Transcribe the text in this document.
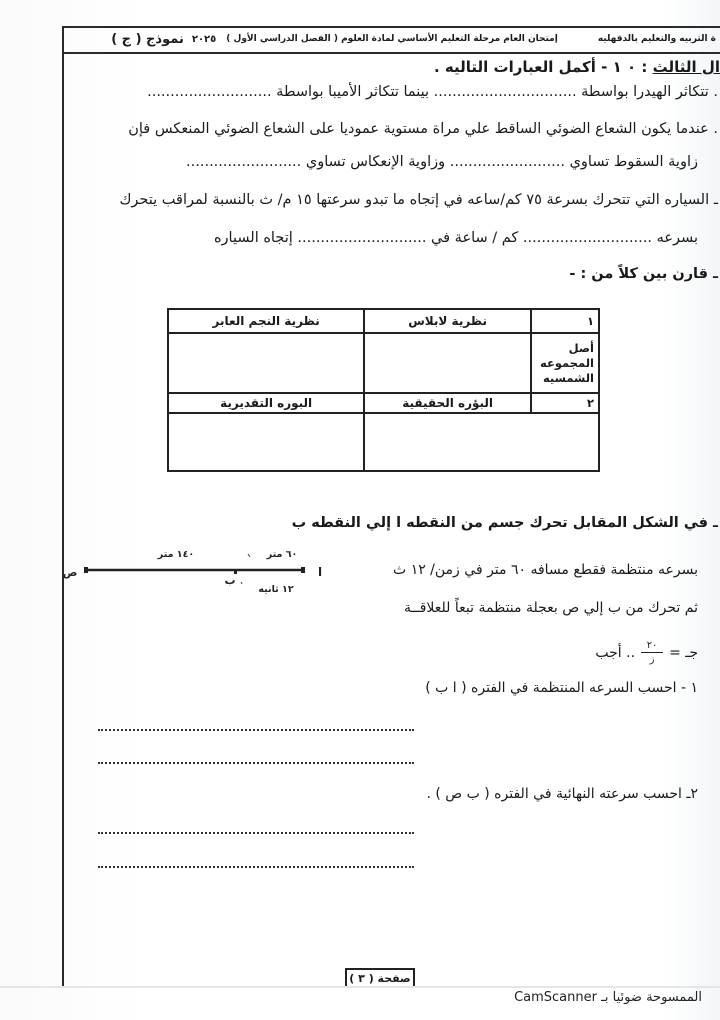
ة التربيه والتعليم بالدقهليه
إمتحان العام مرحلة التعليم الأساسي لمادة العلوم ( الفصل الدراسي الأول )
٢٠٢٥
نموذج ( ج )
ال الثالث : ٠ ١ - أكمل العبارات التاليه .
. تتكاثر الهيدرا بواسطة ............................... بينما تتكاثر الأميبا بواسطة ...........................
. عندما يكون الشعاع الضوئي الساقط علي مراة مستوية عموديا على الشعاع الضوئي المنعكس فإن
زاوية السقوط تساوي ......................... وزاوية الإنعكاس تساوي .........................
ـ السياره التي تتحرك بسرعة ٧٥ كم/ساعه في إتجاه ما تبدو سرعتها ١٥ م/ ث بالنسبة لمراقب يتحرك
بسرعه ............................ كم / ساعة في ............................ إتجاه السياره
ـ قارن بين كلاً من : -
١	نظرية لابلاس	نظرية النجم العابر
أصل المجموعه الشمسيه		
٢	البؤره الحقيقية	البوره التقديرية

ـ في الشكل المقابل تحرك جسم من النقطه ا إلي النقطه ب
ا
ب
ص
٦٠ متر
١٤٠ متر
١٢ ثانيه
بسرعه منتظمة فقطع مسافه ٦٠ متر في زمن/ ١٢ ث
ثم تحرك من ب إلي ص بعجلة منتظمة تبعاً للعلاقــة
جـ =
$\frac{٢٠}{\text{ز}}$
.. أجب
١ - احسب السرعه المنتظمة في الفتره ( ا ب )
٢ـ احسب سرعته النهائية في الفتره ( ب ص ) .
صفحة ( ٣ )
الممسوحة ضوئيا بـ CamScanner
